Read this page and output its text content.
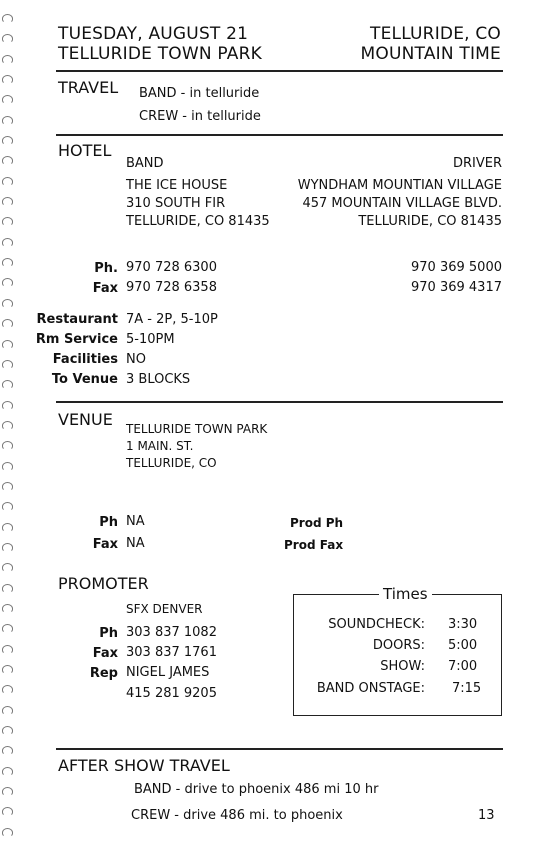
TUESDAY, AUGUST 21
TELLURIDE TOWN PARK
TELLURIDE, CO
MOUNTAIN TIME
TRAVEL BAND - in telluride
CREW - in telluride
HOTEL
BAND
THE ICE HOUSE
310 SOUTH FIR
TELLURIDE, CO 81435
DRIVER
WYNDHAM MOUNTIAN VILLAGE
457 MOUNTAIN VILLAGE BLVD.
TELLURIDE, CO 81435
Ph. 970 728 6300	970 369 5000
Fax 970 728 6358	970 369 4317
Restaurant 7A - 2P, 5-10P
Rm Service 5-10PM
Facilities NO
To Venue 3 BLOCKS
VENUE TELLURIDE TOWN PARK
1 MAIN. ST.
TELLURIDE, CO
Ph NA
Fax NA
Prod Ph
Prod Fax
PROMOTER
SFX DENVER
Ph 303 837 1082
Fax 303 837 1761
Rep NIGEL JAMES
415 281 9205
Times
SOUNDCHECK: 3:30
DOORS: 5:00
SHOW: 7:00
BAND ONSTAGE: 7:15
AFTER SHOW TRAVEL
BAND - drive to phoenix 486 mi 10 hr
CREW - drive 486 mi. to phoenix	13
